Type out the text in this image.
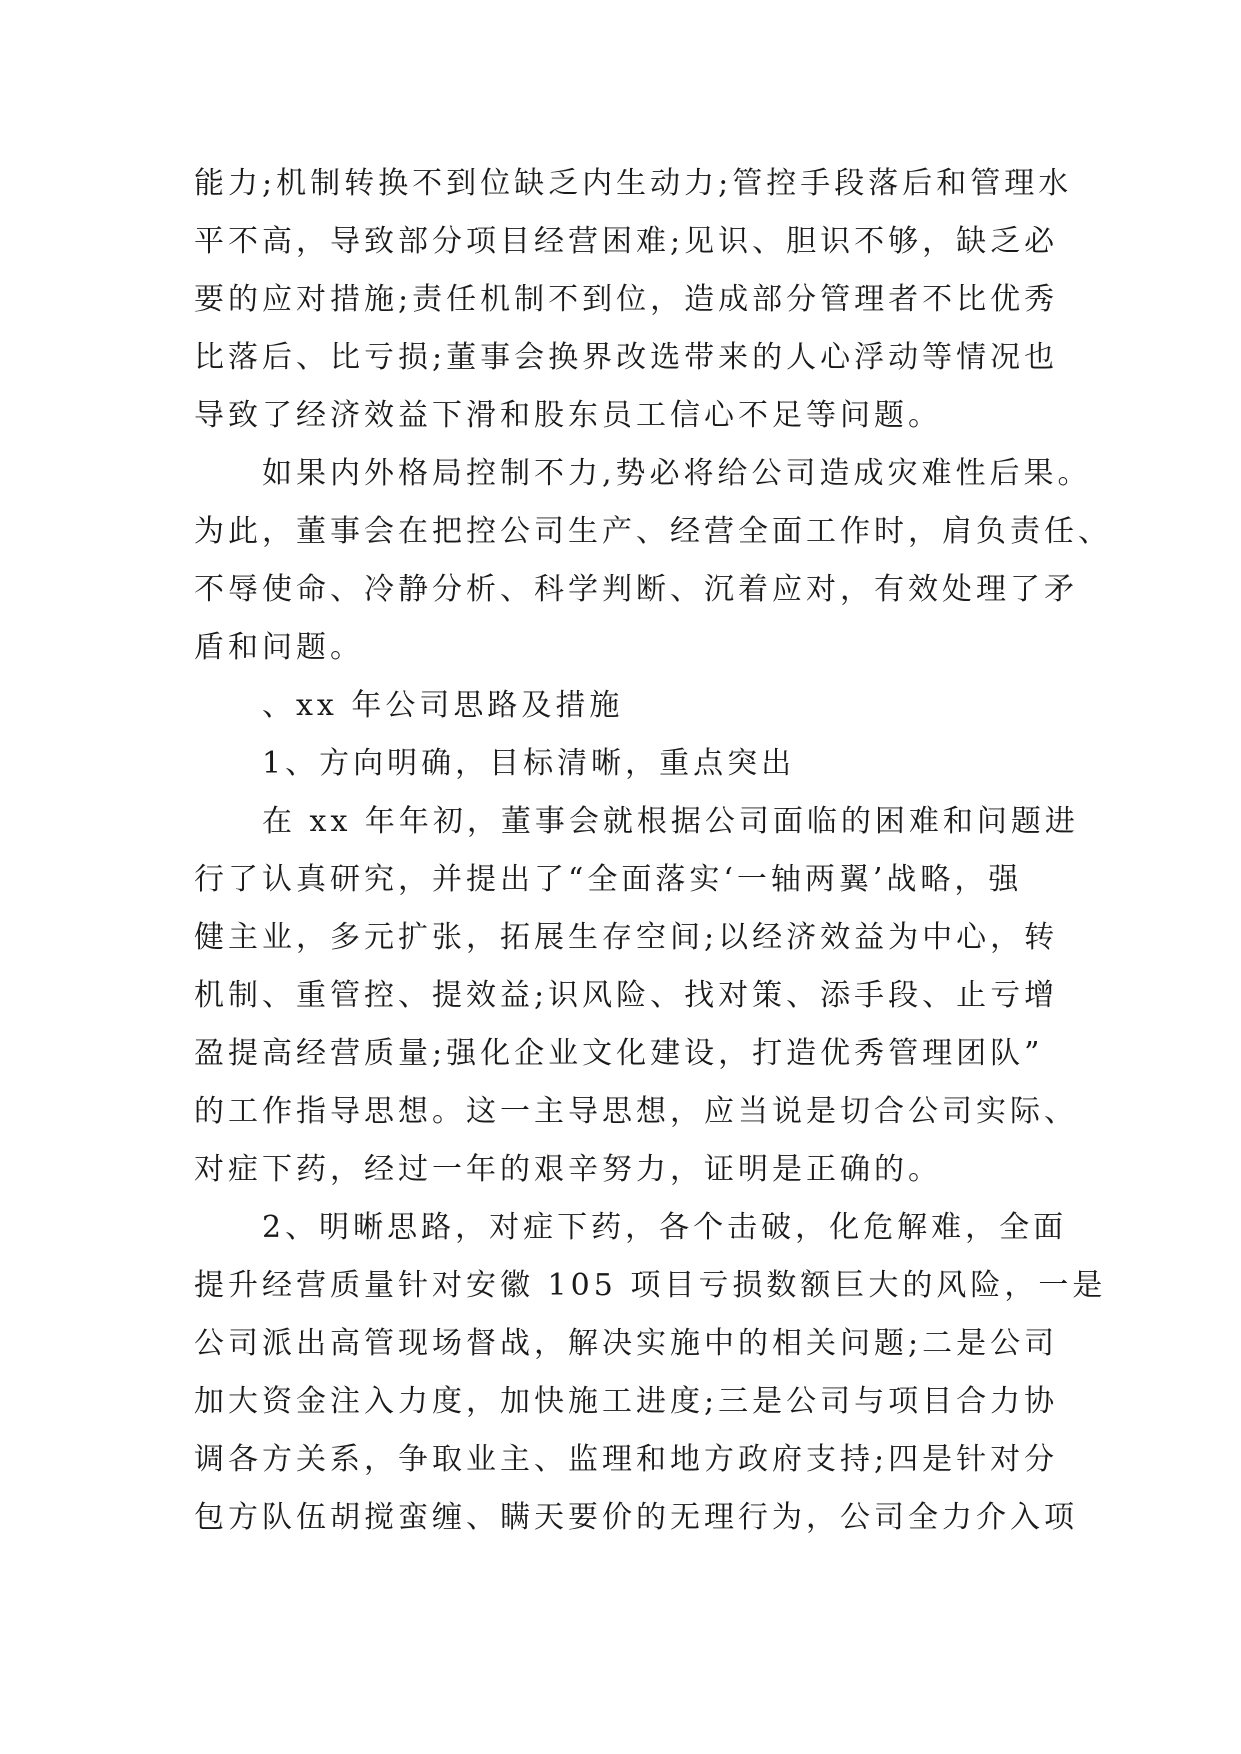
能力;机制转换不到位缺乏内生动力;管控手段落后和管理水
平不高，导致部分项目经营困难;见识、胆识不够，缺乏必
要的应对措施;责任机制不到位，造成部分管理者不比优秀
比落后、比亏损;董事会换界改选带来的人心浮动等情况也
导致了经济效益下滑和股东员工信心不足等问题。
如果内外格局控制不力,势必将给公司造成灾难性后果。
为此，董事会在把控公司生产、经营全面工作时，肩负责任、
不辱使命、冷静分析、科学判断、沉着应对，有效处理了矛
盾和问题。
、xx 年公司思路及措施
1、方向明确，目标清晰，重点突出
在 xx 年年初，董事会就根据公司面临的困难和问题进
行了认真研究，并提出了“全面落实‘一轴两翼’战略，强
健主业，多元扩张，拓展生存空间;以经济效益为中心，转
机制、重管控、提效益;识风险、找对策、添手段、止亏增
盈提高经营质量;强化企业文化建设，打造优秀管理团队”
的工作指导思想。这一主导思想，应当说是切合公司实际、
对症下药，经过一年的艰辛努力，证明是正确的。
2、明晰思路，对症下药，各个击破，化危解难，全面
提升经营质量针对安徽 105 项目亏损数额巨大的风险，一是
公司派出高管现场督战，解决实施中的相关问题;二是公司
加大资金注入力度，加快施工进度;三是公司与项目合力协
调各方关系，争取业主、监理和地方政府支持;四是针对分
包方队伍胡搅蛮缠、瞒天要价的无理行为，公司全力介入项
